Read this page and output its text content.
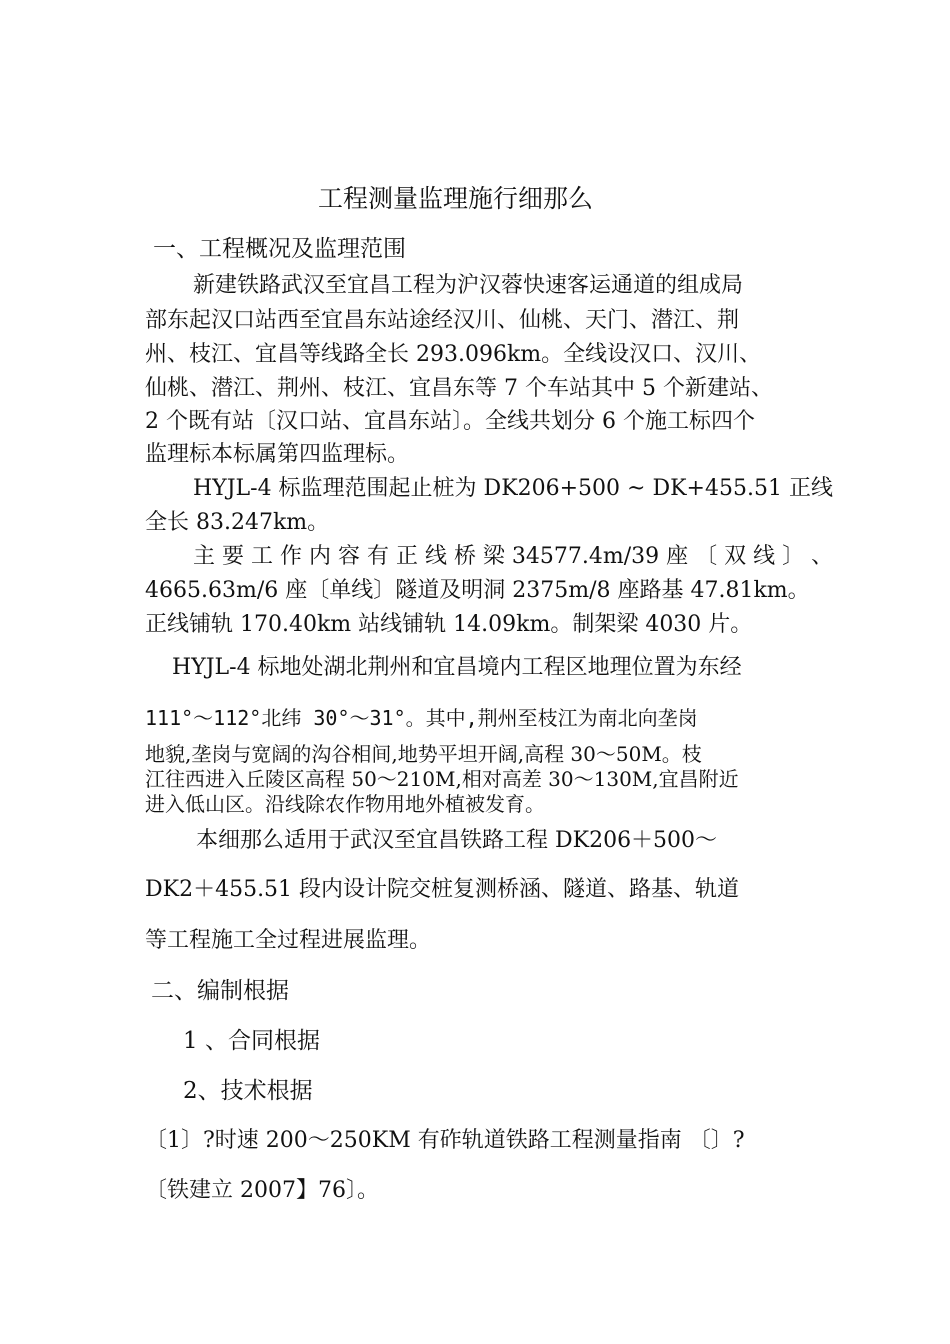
工程测量监理施行细那么
一、工程概况及监理范围
新建铁路武汉至宜昌工程为沪汉蓉快速客运通道的组成局
部东起汉口站西至宜昌东站途经汉川、仙桃、天门、潜江、荆
州、枝江、宜昌等线路全长 293.096km。全线设汉口、汉川、
仙桃、潜江、荆州、枝江、宜昌东等 7 个车站其中 5 个新建站、
2 个既有站〔汉口站、宜昌东站〕。全线共划分 6 个施工标四个
监理标本标属第四监理标。
HYJL-4 标监理范围起止桩为 DK206+500 ~ DK+455.51 正线
全长 83.247km。
主 要 工 作 内 容 有 正 线 桥 梁 34577.4m/39 座 〔 双 线 〕 、
4665.63m/6 座〔单线〕隧道及明洞 2375m/8 座路基 47.81km。
正线铺轨 170.40km 站线铺轨 14.09km。制架梁 4030 片。
HYJL-4 标地处湖北荆州和宜昌境内工程区地理位置为东经
111°～112°北纬 30°～31°。其中,荆州至枝江为南北向垄岗
地貌,垄岗与宽阔的沟谷相间,地势平坦开阔,高程 30～50M。枝
江往西进入丘陵区高程 50～210M,相对高差 30～130M,宜昌附近
进入低山区。沿线除农作物用地外植被发育。
本细那么适用于武汉至宜昌铁路工程 DK206＋500～
DK2＋455.51 段内设计院交桩复测桥涵、隧道、路基、轨道
等工程施工全过程进展监理。
二、编制根据
1 、合同根据
2、技术根据
〔1〕?时速 200～250KM 有砟轨道铁路工程测量指南 〔〕?
〔铁建立 2007】76〕。
